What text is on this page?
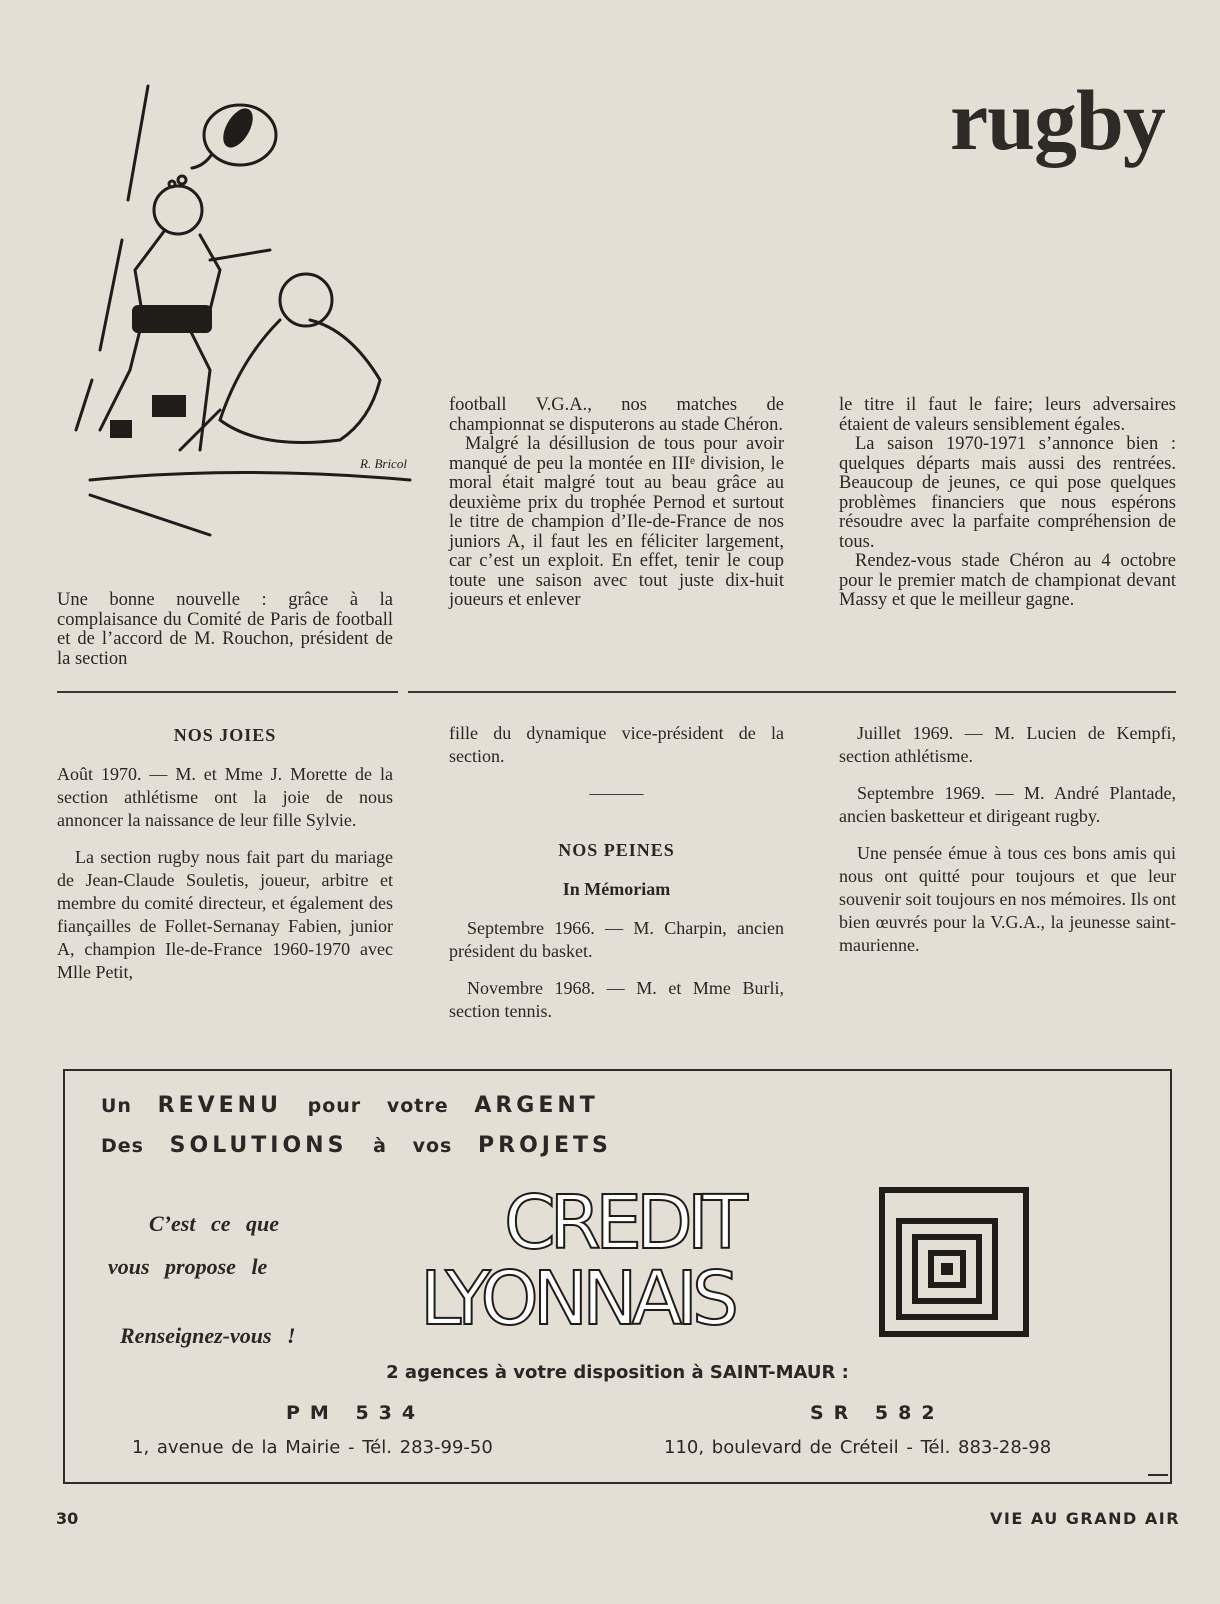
rugby
R. Bricol

Une bonne nouvelle : grâce à la complaisance du Comité de Paris de football et de l’accord de M. Rouchon, président de la section

football V.G.A., nos matches de championnat se disputerons au stade Chéron.

Malgré la désillusion de tous pour avoir manqué de peu la montée en IIIᵉ division, le moral était malgré tout au beau grâce au deuxième prix du trophée Pernod et surtout le titre de champion d’Ile-de-France de nos juniors A, il faut les en féliciter largement, car c’est un exploit. En effet, tenir le coup toute une saison avec tout juste dix-huit joueurs et enlever

le titre il faut le faire; leurs adversaires étaient de valeurs sensiblement égales.

La saison 1970-1971 s’annonce bien : quelques départs mais aussi des rentrées. Beaucoup de jeunes, ce qui pose quelques problèmes financiers que nous espérons résoudre avec la parfaite compréhension de tous.

Rendez-vous stade Chéron au 4 octobre pour le premier match de championat devant Massy et que le meilleur gagne.

NOS JOIES

Août 1970. — M. et Mme J. Morette de la section athlétisme ont la joie de nous annoncer la naissance de leur fille Sylvie.

La section rugby nous fait part du mariage de Jean-Claude Souletis, joueur, arbitre et membre du comité directeur, et également des fiançailles de Follet-Sernanay Fabien, junior A, champion Ile-de-France 1960-1970 avec Mlle Petit,

fille du dynamique vice-président de la section.

———

NOS PEINES

In Mémoriam

Septembre 1966. — M. Charpin, ancien président du basket.

Novembre 1968. — M. et Mme Burli, section tennis.

Juillet 1969. — M. Lucien de Kempfi, section athlétisme.

Septembre 1969. — M. André Plantade, ancien basketteur et dirigeant rugby.

Une pensée émue à tous ces bons amis qui nous ont quitté pour toujours et que leur souvenir soit toujours en nos mémoires. Ils ont bien œuvrés pour la V.G.A., la jeunesse saint-maurienne.

Un REVENU pour votre ARGENT
Des SOLUTIONS à vos PROJETS
C’est ce que
vous propose le
Renseignez-vous !
CREDIT
LYONNAIS
2 agences à votre disposition à SAINT-MAUR :
PM 534	SR 582
1, avenue de la Mairie - Tél. 283-99-50	110, boulevard de Créteil - Tél. 883-28-98
30	VIE AU GRAND AIR
